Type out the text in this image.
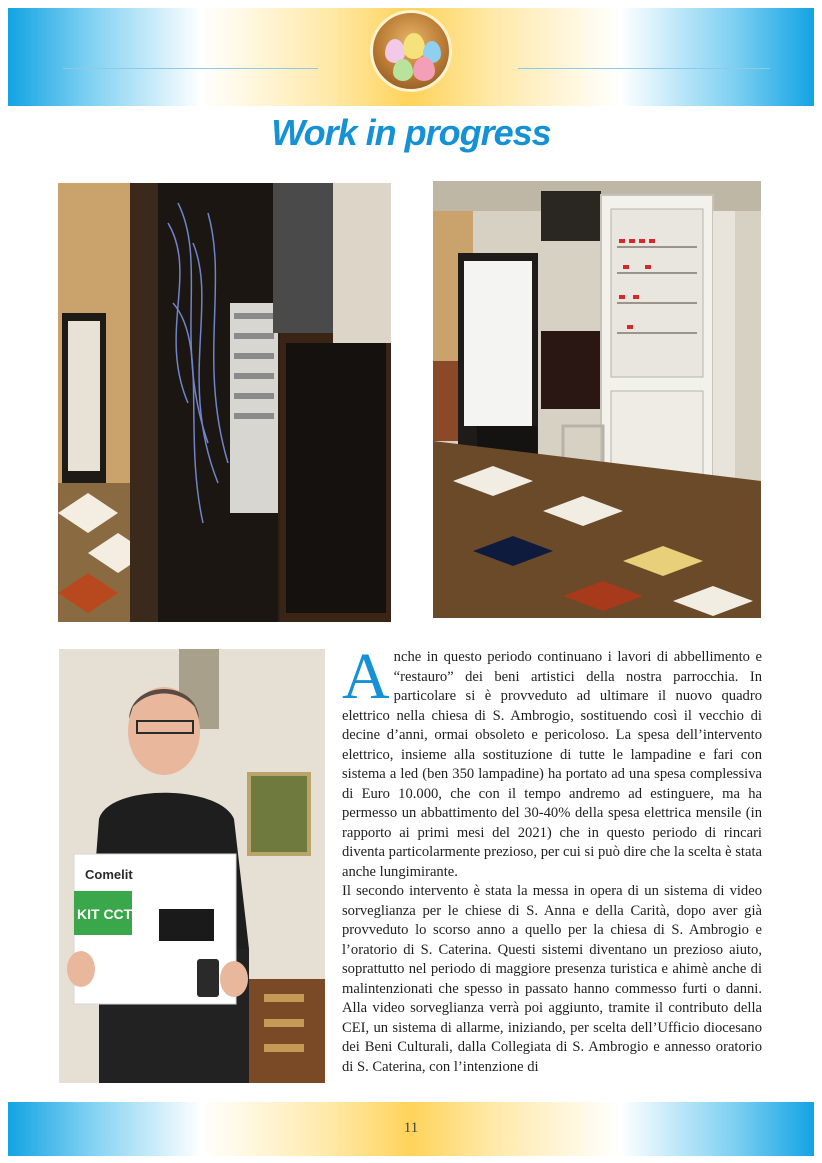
Work in progress
Comelit
KIT CCTV

Anche in questo periodo continuano i lavori di abbellimento e “restauro” dei beni artistici della nostra parrocchia. In particolare si è provveduto ad ultimare il nuovo quadro elettrico nella chiesa di S. Ambrogio, sostituendo così il vecchio di decine d’anni, ormai obsoleto e pericoloso. La spesa dell’intervento elettrico, insieme alla sostituzione di tutte le lampadine e fari con sistema a led (ben 350 lampadine) ha portato ad una spesa complessiva di Euro 10.000, che con il tempo andremo ad estinguere, ma ha permesso un abbattimento del 30-40% della spesa elettrica mensile (in rapporto ai primi mesi del 2021) che in questo periodo di rincari diventa particolarmente prezioso, per cui si può dire che la scelta è stata anche lungimirante.

Il secondo intervento è stata la messa in opera di un sistema di video sorveglianza per le chiese di S. Anna e della Carità, dopo aver già provveduto lo scorso anno a quello per la chiesa di S. Ambrogio e l’oratorio di S. Caterina. Questi sistemi diventano un prezioso aiuto, soprattutto nel periodo di maggiore presenza turistica e ahimè anche di malintenzionati che spesso in passato hanno commesso furti o danni. Alla video sorveglianza verrà poi aggiunto, tramite il contributo della CEI, un sistema di allarme, iniziando, per scelta dell’Ufficio diocesano dei Beni Culturali, dalla Collegiata di S. Ambrogio e annesso oratorio di S. Caterina, con l’intenzione di

11
